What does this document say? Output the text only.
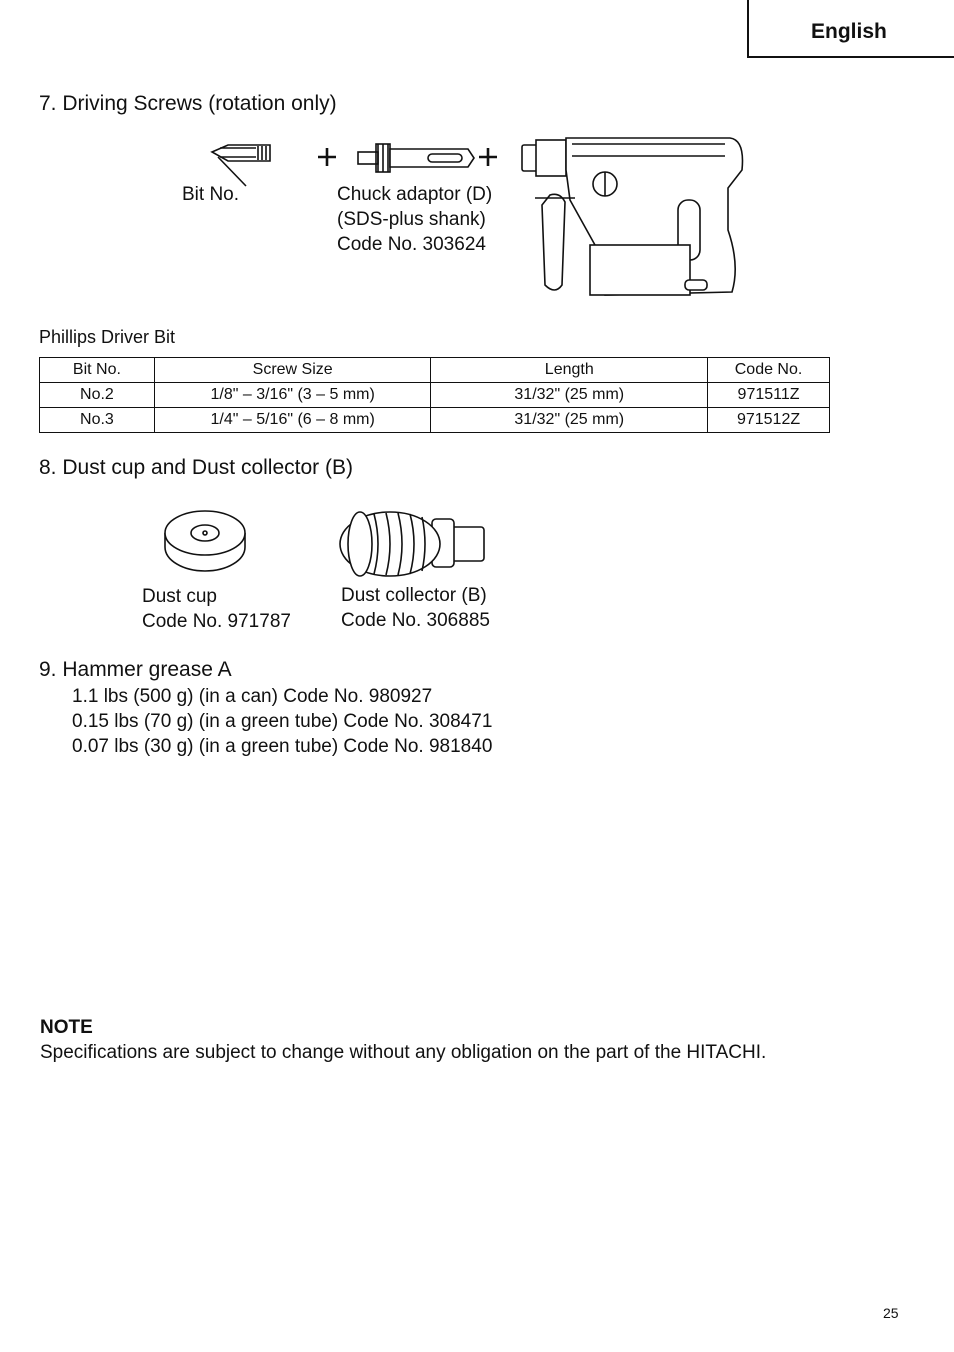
English
7. Driving Screws (rotation only)
Bit No.	Chuck adaptor (D)
(SDS-plus shank)
Code No. 303624
Phillips Driver Bit
Bit No.	Screw Size	Length	Code No.
No.2	1/8" – 3/16" (3 – 5 mm)	31/32" (25 mm)	971511Z
No.3	1/4" – 5/16" (6 – 8 mm)	31/32" (25 mm)	971512Z
8. Dust cup and Dust collector (B)
Dust cup
Code No. 971787
Dust collector (B)
Code No. 306885
9. Hammer grease A
1.1 lbs (500 g) (in a can) Code No. 980927
0.15 lbs (70 g) (in a green tube) Code No. 308471
0.07 lbs (30 g) (in a green tube) Code No. 981840
NOTE
Specifications are subject to change without any obligation on the part of the HITACHI.
25
